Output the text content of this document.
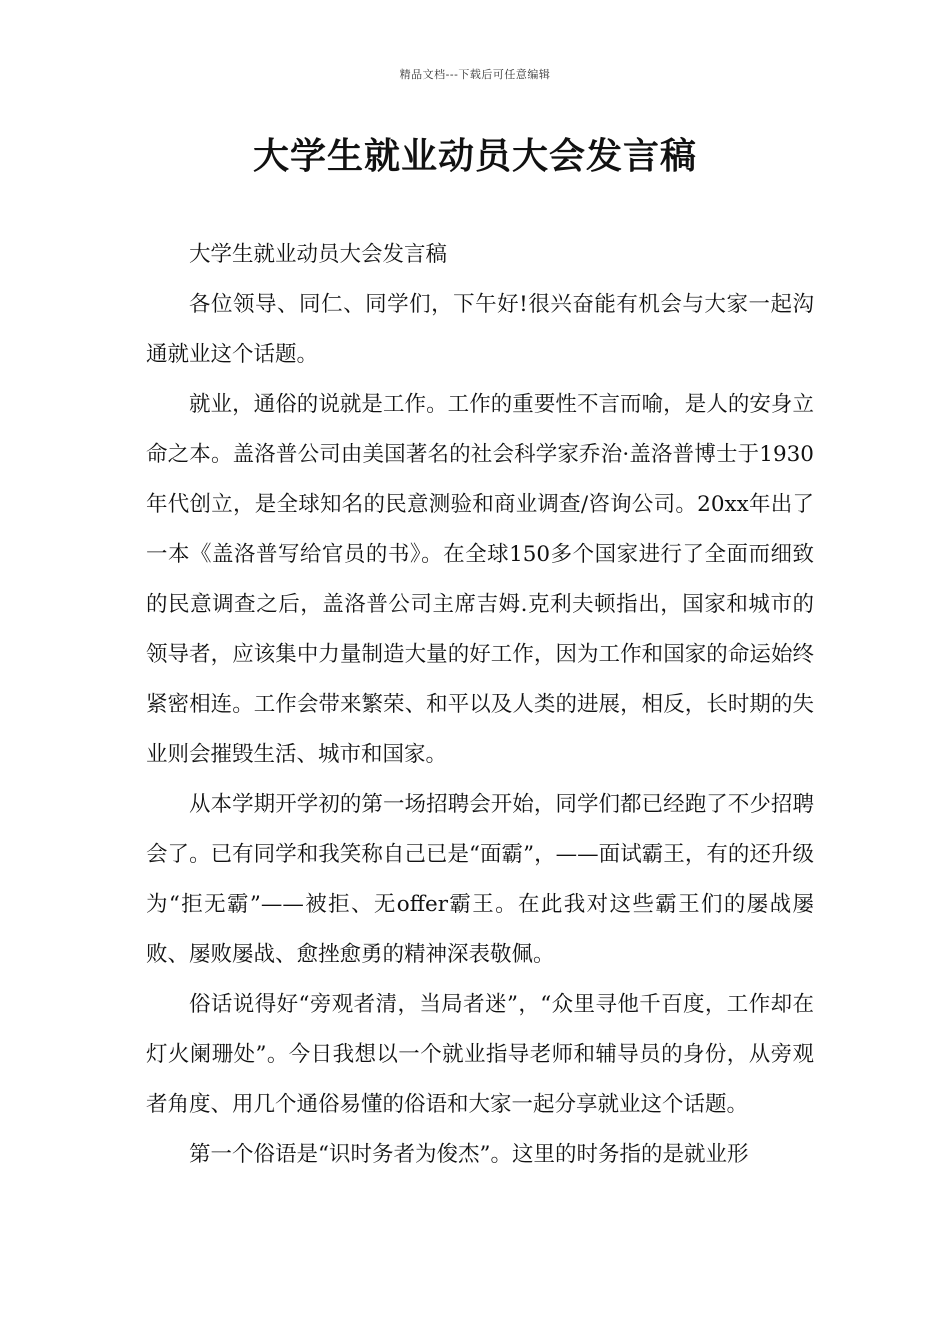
精品文档---下载后可任意编辑
大学生就业动员大会发言稿

大学生就业动员大会发言稿

各位领导、同仁、同学们，下午好!很兴奋能有机会与大家一起沟通就业这个话题。

就业，通俗的说就是工作。工作的重要性不言而喻，是人的安身立命之本。盖洛普公司由美国著名的社会科学家乔治·盖洛普博士于1930年代创立，是全球知名的民意测验和商业调查/咨询公司。20xx年出了一本《盖洛普写给官员的书》。在全球150多个国家进行了全面而细致的民意调查之后，盖洛普公司主席吉姆.克利夫顿指出，国家和城市的领导者，应该集中力量制造大量的好工作，因为工作和国家的命运始终紧密相连。工作会带来繁荣、和平以及人类的进展，相反，长时期的失业则会摧毁生活、城市和国家。

从本学期开学初的第一场招聘会开始，同学们都已经跑了不少招聘会了。已有同学和我笑称自己已是“面霸”，——面试霸王，有的还升级为“拒无霸”——被拒、无offer霸王。在此我对这些霸王们的屡战屡败、屡败屡战、愈挫愈勇的精神深表敬佩。

俗话说得好“旁观者清，当局者迷”，“众里寻他千百度，工作却在灯火阑珊处”。今日我想以一个就业指导老师和辅导员的身份，从旁观者角度、用几个通俗易懂的俗语和大家一起分享就业这个话题。

第一个俗语是“识时务者为俊杰”。这里的时务指的是就业形
